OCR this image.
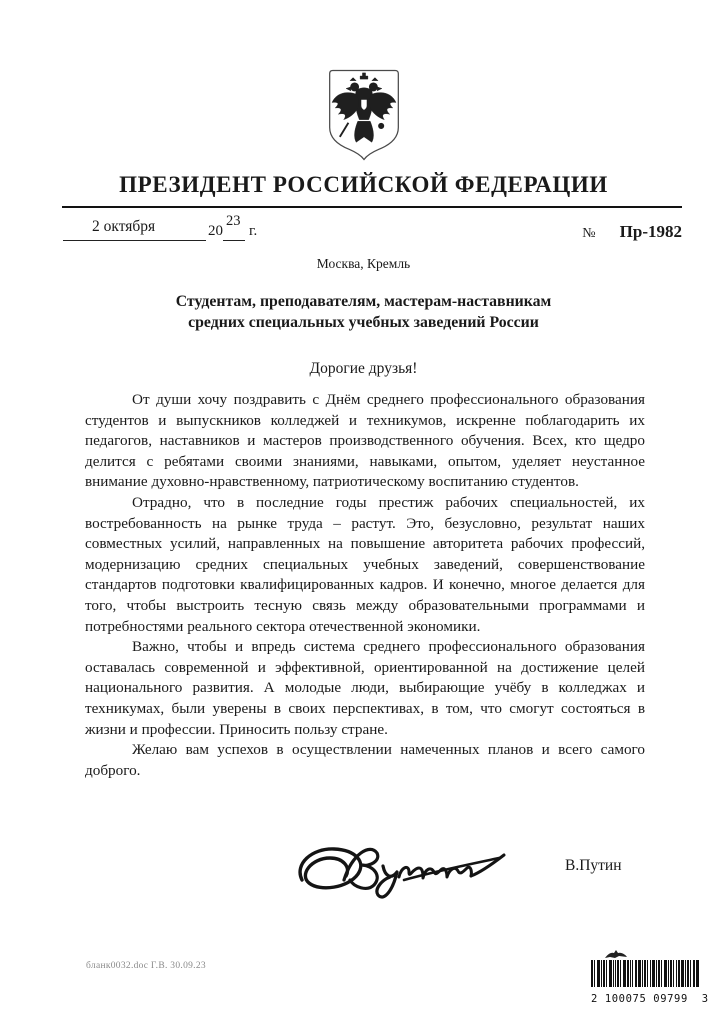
ПРЕЗИДЕНТ РОССИЙСКОЙ ФЕДЕРАЦИИ
2 октября	20
23
г.	№ Пр-1982
Москва, Кремль
Студентам, преподавателям, мастерам-наставникам
средних специальных учебных заведений России
Дорогие друзья!

От души хочу поздравить с Днём среднего профессионального образования студентов и выпускников колледжей и техникумов, искренне поблагодарить их педагогов, наставников и мастеров производственного обучения. Всех, кто щедро делится с ребятами своими знаниями, навыками, опытом, уделяет неустанное внимание духовно-нравственному, патриотическому воспитанию студентов.

Отрадно, что в последние годы престиж рабочих специальностей, их востребованность на рынке труда – растут. Это, безусловно, результат наших совместных усилий, направленных на повышение авторитета рабочих профессий, модернизацию средних специальных учебных заведений, совершенствование стандартов подготовки квалифицированных кадров. И конечно, многое делается для того, чтобы выстроить тесную связь между образовательными программами и потребностями реального сектора отечественной экономики.

Важно, чтобы и впредь система среднего профессионального образования оставалась современной и эффективной, ориентированной на достижение целей национального развития. А молодые люди, выбирающие учёбу в колледжах и техникумах, были уверены в своих перспективах, в том, что смогут состояться в жизни и профессии. Приносить пользу стране.

Желаю вам успехов в осуществлении намеченных планов и всего самого доброго.

В.Путин
бланк0032.doc Г.В. 30.09.23
2 100075 09799  3
